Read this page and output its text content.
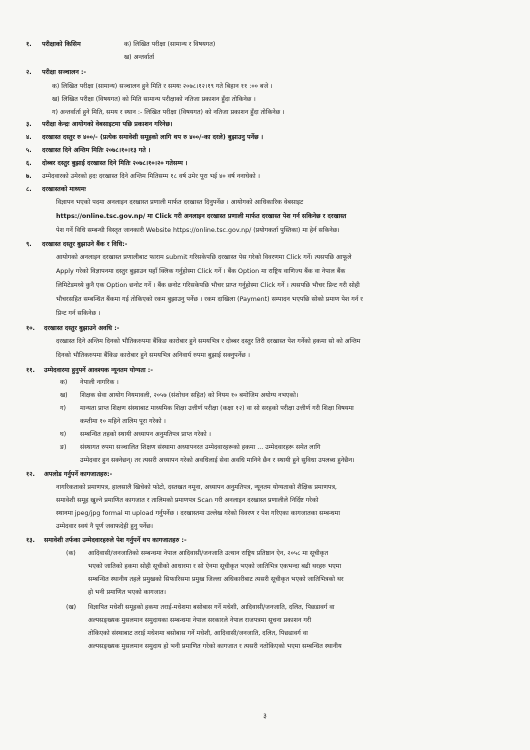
१.	परीक्षाको किसिम	क) लिखित परीक्षा (सामान्य र विषयगत)
ख) अन्तर्वार्ता
२.	परीक्षा सञ्चालन :-
क) लिखित परीक्षा (सामान्य) सञ्चालन हुने मिति र समयः २०७८।१२।१९ गते बिहान ११ :०० बजे ।
ख) लिखित परीक्षा (विषयगत) को मिति सामान्य परीक्षाको नतिजा प्रकाशन हुँदा तोकिनेछ ।
ग) अन्तर्वार्ता हुने मिति, समय र स्थान :- लिखित परीक्षा (विषयगत) को नतिजा प्रकाशन हुँदा तोकिनेछ ।
३.	परीक्षा केन्द्रः आयोगको वेबसाइटमा पछि प्रकाशन गरिनेछ।
४.	दरखास्त दस्तुर रु ४००/- (प्रत्येक समावेशी समूहको लागि थप रु ४००/-का दरले) बुझाउनु पर्नेछ ।
५.	दरखास्त दिने अन्तिम मितिः २०७८।१०।१३ गते ।
६.	दोब्बर दस्तुर बुझाई दरखास्त दिने मितिः २०७८।१०।२० गतेसम्म ।
७.	उम्मेदवारको उमेरको हदः दरखास्त दिने अन्तिम मितिसम्म १८ वर्ष उमेर पूरा भई ४० वर्ष ननाघेको ।
८.	दरखास्तको माध्यमः
विज्ञापन भएको पदमा अनलाइन दरखास्त प्रणाली मार्फत दरखास्त दिनुपर्नेछ । आयोगको आधिकारिक वेबसाइट
https://online.tsc.gov.np/ मा Click गरी अनलाइन दरखास्त प्रणाली मार्फत दरखास्त पेश गर्न सकिनेछ र दरखास्त
पेश गर्ने विधि सम्बन्धी विस्तृत जानकारी Website https://online.tsc.gov.np/ (प्रयोगकर्ता पुस्तिका) मा हेर्न सकिनेछ।
९.	दरखास्त दस्तुर बुझाउने बैंक र विधि:-
आयोगको अनलाइन दरखास्त प्रणालीबाट फाराम submit गरिसकेपछि दरखास्त पेस गरेको विवरणमा Click गर्ने। त्यसपछि आफूले
Apply गरेको विज्ञापनमा दस्तुर बुझाउन यहाँ क्लिक गर्नुहोस्मा Click गर्ने । बैंक Option मा राष्ट्रिय वाणिज्य बैंक वा नेपाल बैंक
लिमिटेडमध्ये कुनै एक Option छनोट गर्ने । बैंक छनोट गरिसकेपछि भौचर प्राप्त गर्नुहोस्मा Click गर्ने । त्यसपछि भौचर प्रिन्ट गरी सोही
भौचरसहित सम्बन्धित बैंकमा गई तोकिएको रकम बुझाउनु पर्नेछ । रकम दाखिला (Payment) सम्पादन भएपछि सोको प्रमाण पेश गर्न र
प्रिन्ट गर्न सकिनेछ ।
१०.	दरखास्त दस्तुर बुझाउने अवधि :-
दरखास्त दिने अन्तिम दिनको भौतिकरुपमा बैंकिङ कारोबार हुने समयभित्र र दोब्बर दस्तुर तिरी दरखास्त पेश गर्नेको हकमा सो को अन्तिम
दिनको भौतिकरुपमा बैंकिङ कारोबार हुने समयभित्र अनिवार्य रुपमा बुझाई सक्नुपर्नेछ ।
११.	उम्मेदवारमा हुनुपर्ने आवश्यक न्यूनतम योग्यता :-
क)	नेपाली नागरिक ।
ख)	शिक्षक सेवा आयोग नियमावली, २०५७ (संशोधन सहित) को नियम १० बमोजिम अयोग्य नभएको।
ग)	मान्यता प्राप्त शिक्षण संस्थाबाट माध्यमिक शिक्षा उत्तीर्ण परीक्षा (कक्षा १२) वा सो सरहको परीक्षा उत्तीर्ण गरी शिक्षा विषयमा
कम्तीमा १० महिने तालिम पूरा गरेको ।
घ)	सम्बन्धित तहको स्थायी अध्यापन अनुमतिपत्र प्राप्त गरेको ।
ङ)	संस्थागत रुपमा सञ्चालित शिक्षण संस्थामा अध्यापनरत उम्मेदवारहरूको हकमा ... उम्मेदवारहरू समेत लागि
उम्मेदवार हुन सक्नेछन्। तर त्यसरी अध्यापन गरेको अवधिलाई सेवा अवधि मानिने छैन र स्थायी हुने सुविधा उपलब्ध हुनेछैन।
१२.	अपलोड गर्नुपर्ने कागजातहरु:-
नागरिकताको प्रमाणपत्र, हालसालै खिचेको फोटो, दस्तखत नमूना, अध्यापन अनुमतिपत्र, न्यूनतम योग्यताको शैक्षिक प्रमाणपत्र,
समावेशी समूह खुल्ने प्रमाणित कागजात र तालिमको प्रमाणपत्र Scan गरी अनलाइन दरखास्त प्रणालीले निर्दिष्ट गरेको
स्थानमा jpeg/jpg formal मा upload गर्नुपर्नेछ । दरखास्तमा उल्लेख गरेको विवरण र पेश गरिएका कागजातका सम्बन्धमा
उम्मेदवार स्वयं नै पूर्ण जवाफदेही हुनु पर्नेछ।
१३.	समावेशी तर्फका उम्मेदवारहरुले पेश गर्नुपर्ने थप कागजातहरु :-
(क)	आदिवासी/जनजातिको सम्बन्धमा नेपाल आदिवासी/जनजाति उत्थान राष्ट्रिय प्रतिष्ठान ऐन, २०५८ मा सूचीकृत
भएको जातिको हकमा सोही सूचीको आधारमा र सो ऐनमा सूचीकृत भएको जातिभित्र एकभन्दा बढी थरहरु भएमा
सम्बन्धित स्थानीय तहले प्रमुखको सिफारिसमा प्रमुख जिल्ला अधिकारीबाट त्यसरी सूचीकृत भएको जातिभित्रको थर
हो भनी प्रमाणित भएको कागजात।
(ख)	विज्ञापित मधेशी समूहको हकमा तराई-मधेशमा बसोबास गर्ने मधेशी, आदिवासी/जनजाति, दलित, पिछडावर्ग वा
अल्पसङ्ख्यक मुसलमान समुदायका सम्बन्धमा नेपाल सरकारले नेपाल राजपत्रमा सूचना प्रकाशन गरी
तोकिएको संस्थाबाट तराई मधेशमा बसोबास गर्ने मधेशी, आदिवासी/जनजाति, दलित, पिछडावर्ग वा
अल्पसङ्ख्यक मुसलमान समुदाय हो भनी प्रमाणित गरेको कागजात र त्यसरी नतोकिएको भएमा सम्बन्धित स्थानीय
३
